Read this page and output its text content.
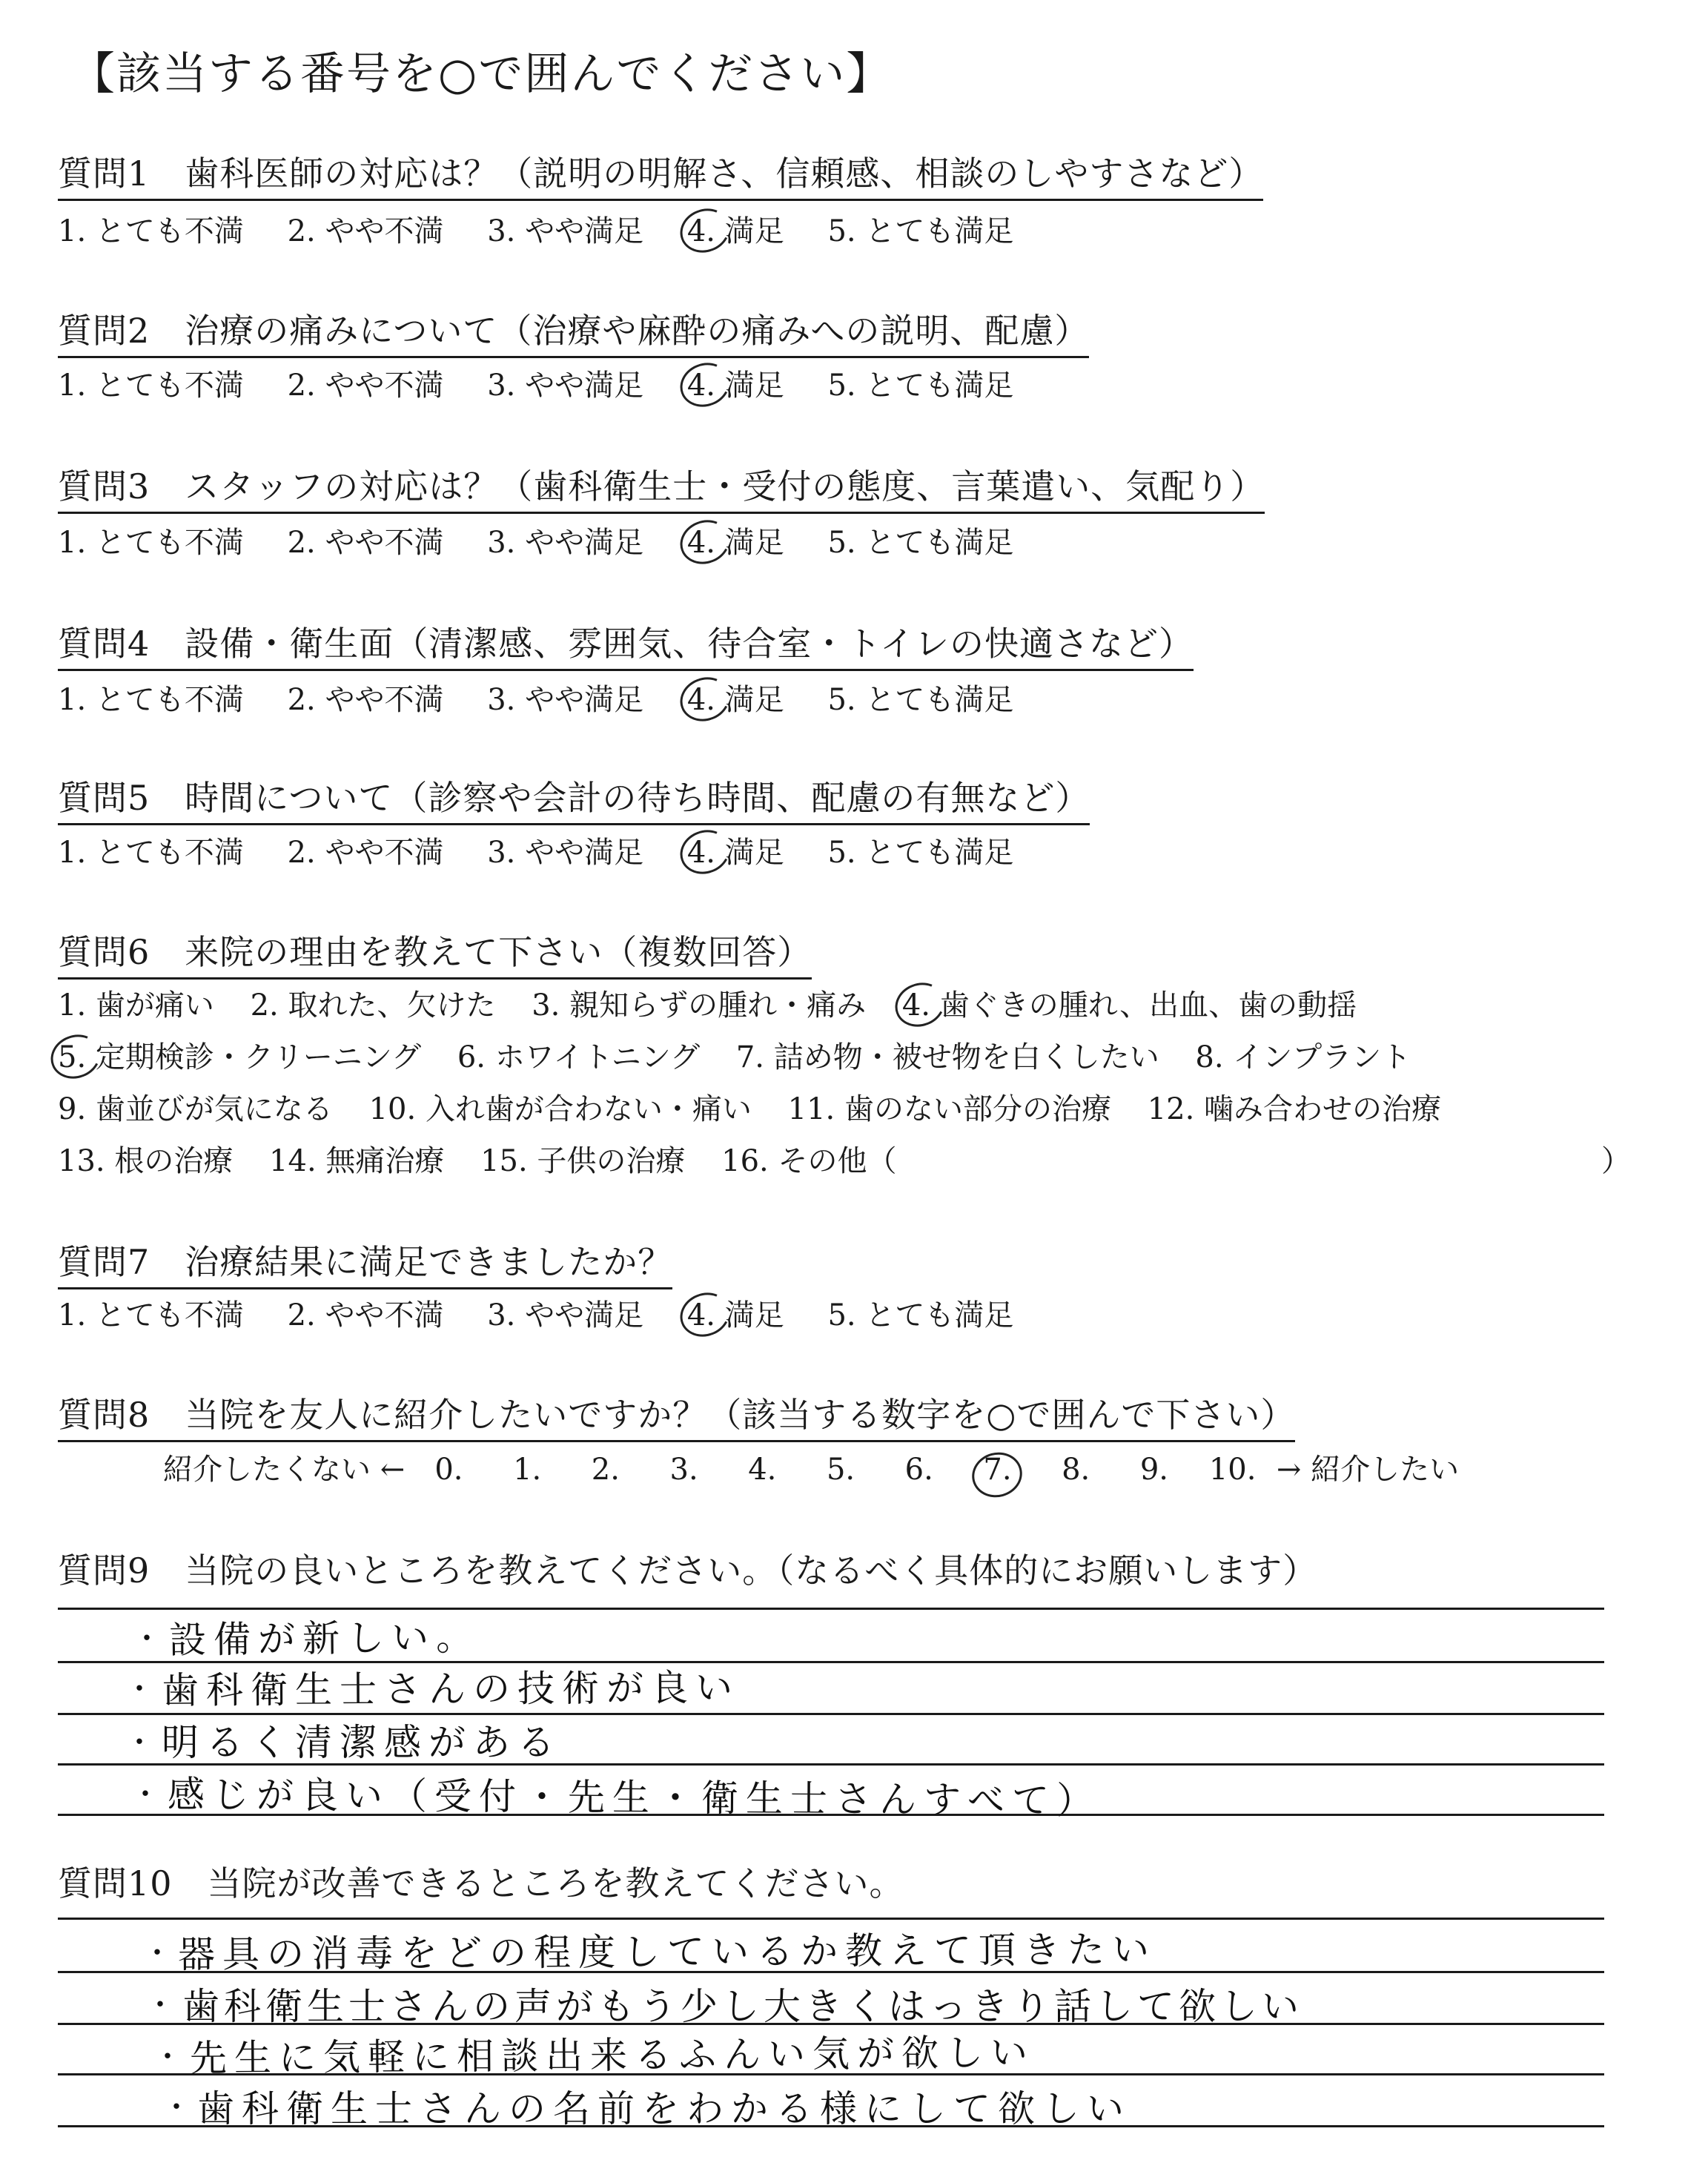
【該当する番号を○で囲んでください】
質問1　歯科医師の対応は？（説明の明解さ、信頼感、相談のしやすさなど）
1. とても不満 2. やや不満 3. やや満足 4. 満足 5. とても満足
質問2　治療の痛みについて（治療や麻酔の痛みへの説明、配慮）
1. とても不満 2. やや不満 3. やや満足 4. 満足 5. とても満足
質問3　スタッフの対応は？（歯科衛生士・受付の態度、言葉遣い、気配り）
1. とても不満 2. やや不満 3. やや満足 4. 満足 5. とても満足
質問4　設備・衛生面（清潔感、雰囲気、待合室・トイレの快適さなど）
1. とても不満 2. やや不満 3. やや満足 4. 満足 5. とても満足
質問5　時間について（診察や会計の待ち時間、配慮の有無など）
1. とても不満 2. やや不満 3. やや満足 4. 満足 5. とても満足
質問6　来院の理由を教えて下さい（複数回答）
1. 歯が痛い 2. 取れた、欠けた 3. 親知らずの腫れ・痛み 4. 歯ぐきの腫れ、出血、歯の動揺
5. 定期検診・クリーニング 6. ホワイトニング 7. 詰め物・被せ物を白くしたい 8. インプラント
9. 歯並びが気になる 10. 入れ歯が合わない・痛い 11. 歯のない部分の治療 12. 噛み合わせの治療
13. 根の治療 14. 無痛治療 15. 子供の治療 16. その他（	）
質問7　治療結果に満足できましたか？
1. とても不満 2. やや不満 3. やや満足 4. 満足 5. とても満足
質問8　当院を友人に紹介したいですか？（該当する数字を○で囲んで下さい）
紹介したくない ← 0. 1. 2. 3. 4. 5. 6. 7. 8. 9. 10. → 紹介したい
質問9　当院の良いところを教えてください。（なるべく具体的にお願いします）
・ 設備が新しい。
・ 歯科衛生士さんの技術が良い
・ 明るく清潔感がある
・ 感じが良い（受付・先生・衛生士さんすべて）
質問10　当院が改善できるところを教えてください。
・ 器具の消毒をどの程度しているか教えて頂きたい
・ 歯科衛生士さんの声がもう少し大きくはっきり話して欲しい
・ 先生に気軽に相談出来るふんい気が欲しい
・ 歯科衛生士さんの名前をわかる様にして欲しい
